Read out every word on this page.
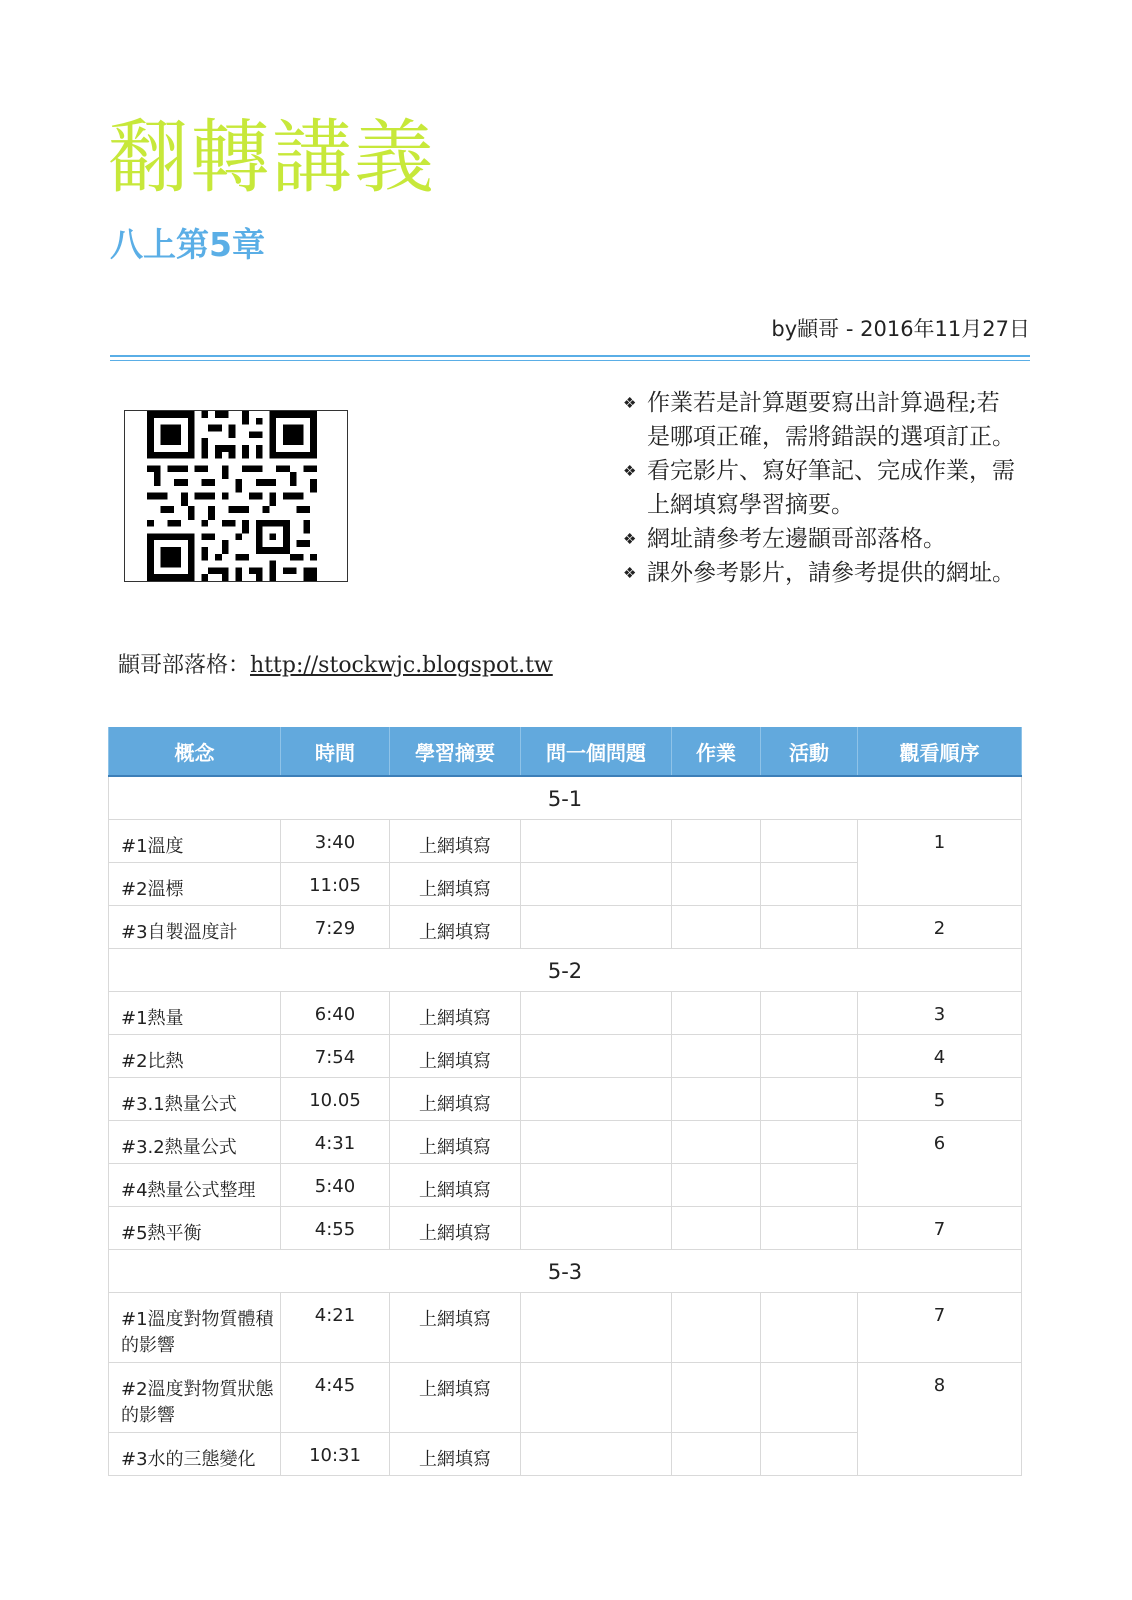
翻轉講義
八上第5章
by顓哥 - 2016年11月27日
顓哥部落格：http://stockwjc.blogspot.tw
❖ 作業若是計算題要寫出計算過程;若是哪項正確，需將錯誤的選項訂正。
❖ 看完影片、寫好筆記、完成作業，需上網填寫學習摘要。
❖ 網址請參考左邊顓哥部落格。
❖ 課外參考影片，請參考提供的網址。
概念	時間	學習摘要	問一個問題	作業	活動	觀看順序
5-1						
#1溫度	3:40	上網填寫				1
#2溫標	11:05	上網填寫				
#3自製溫度計	7:29	上網填寫				2
5-2						
#1熱量	6:40	上網填寫				3
#2比熱	7:54	上網填寫				4
#3.1熱量公式	10.05	上網填寫				5
#3.2熱量公式	4:31	上網填寫				6
#4熱量公式整理	5:40	上網填寫				
#5熱平衡	4:55	上網填寫				7
5-3						
#1溫度對物質體積的影響	4:21	上網填寫				7
#2溫度對物質狀態的影響	4:45	上網填寫				8
#3水的三態變化	10:31	上網填寫				
